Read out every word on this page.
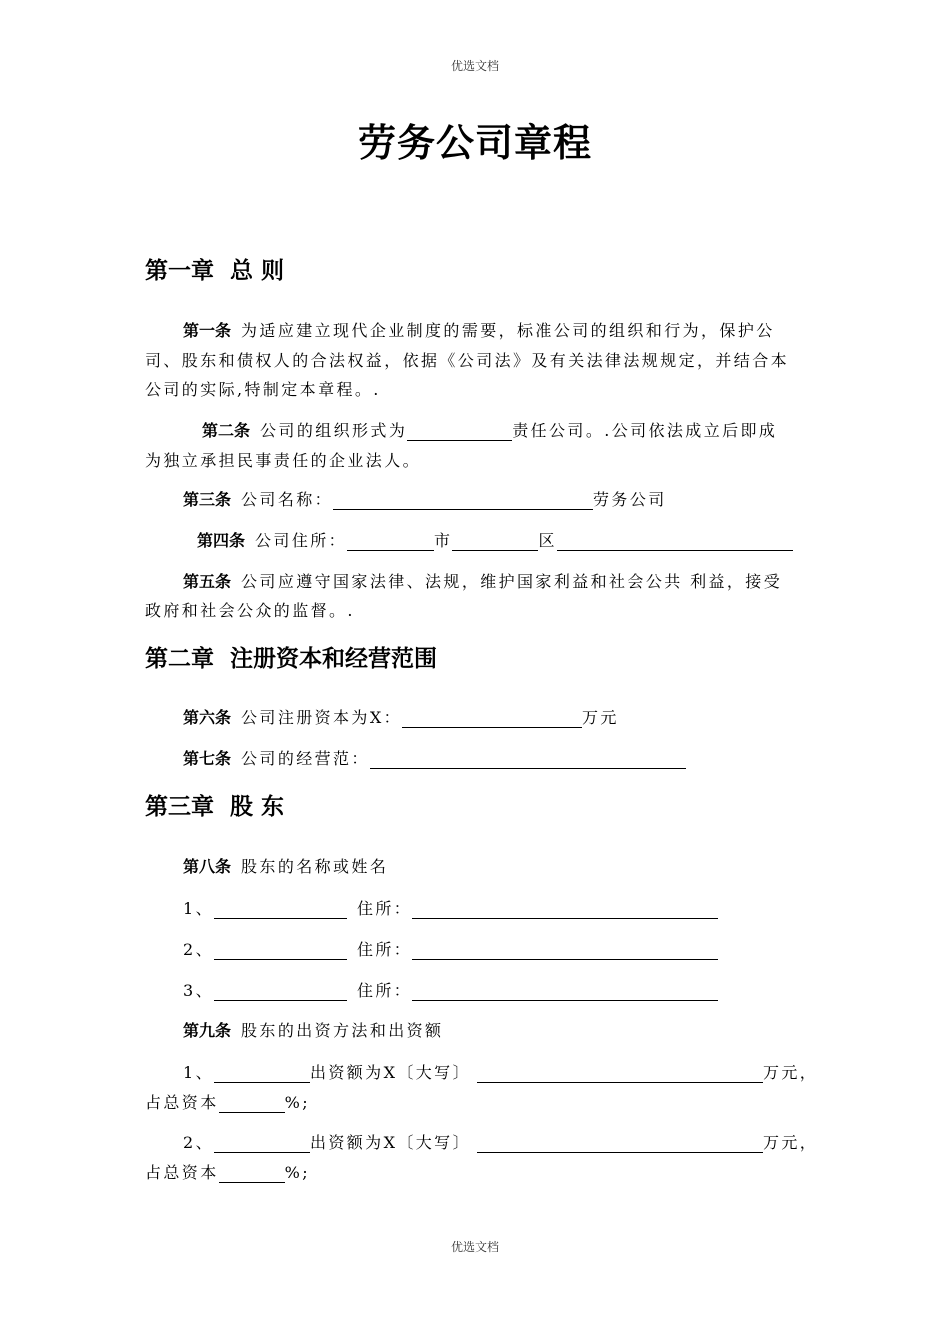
优选文档
劳务公司章程
第一章  总 则
第一条 为适应建立现代企业制度的需要，标准公司的组织和行为，保护公
司、股东和债权人的合法权益，依据《公司法》及有关法律法规规定，并结合本
公司的实际,特制定本章程。.
第二条 公司的组织形式为	责任公司。.公司依法成立后即成
为独立承担民事责任的企业法人。
第三条 公司名称：	劳务公司
第四条 公司住所：	市	区
第五条 公司应遵守国家法律、法规，维护国家利益和社会公共 利益，接受
政府和社会公众的监督。.
第二章  注册资本和经营范围
第六条 公司注册资本为X：	万元
第七条 公司的经营范：
第三章  股 东
第八条 股东的名称或姓名
1、	住所：
2、	住所：
3、	住所：
第九条 股东的出资方法和出资额
1、	出资额为X〔大写〕	万元，
占总资本	%;
2、	出资额为X〔大写〕	万元，
占总资本	%;
优选文档
